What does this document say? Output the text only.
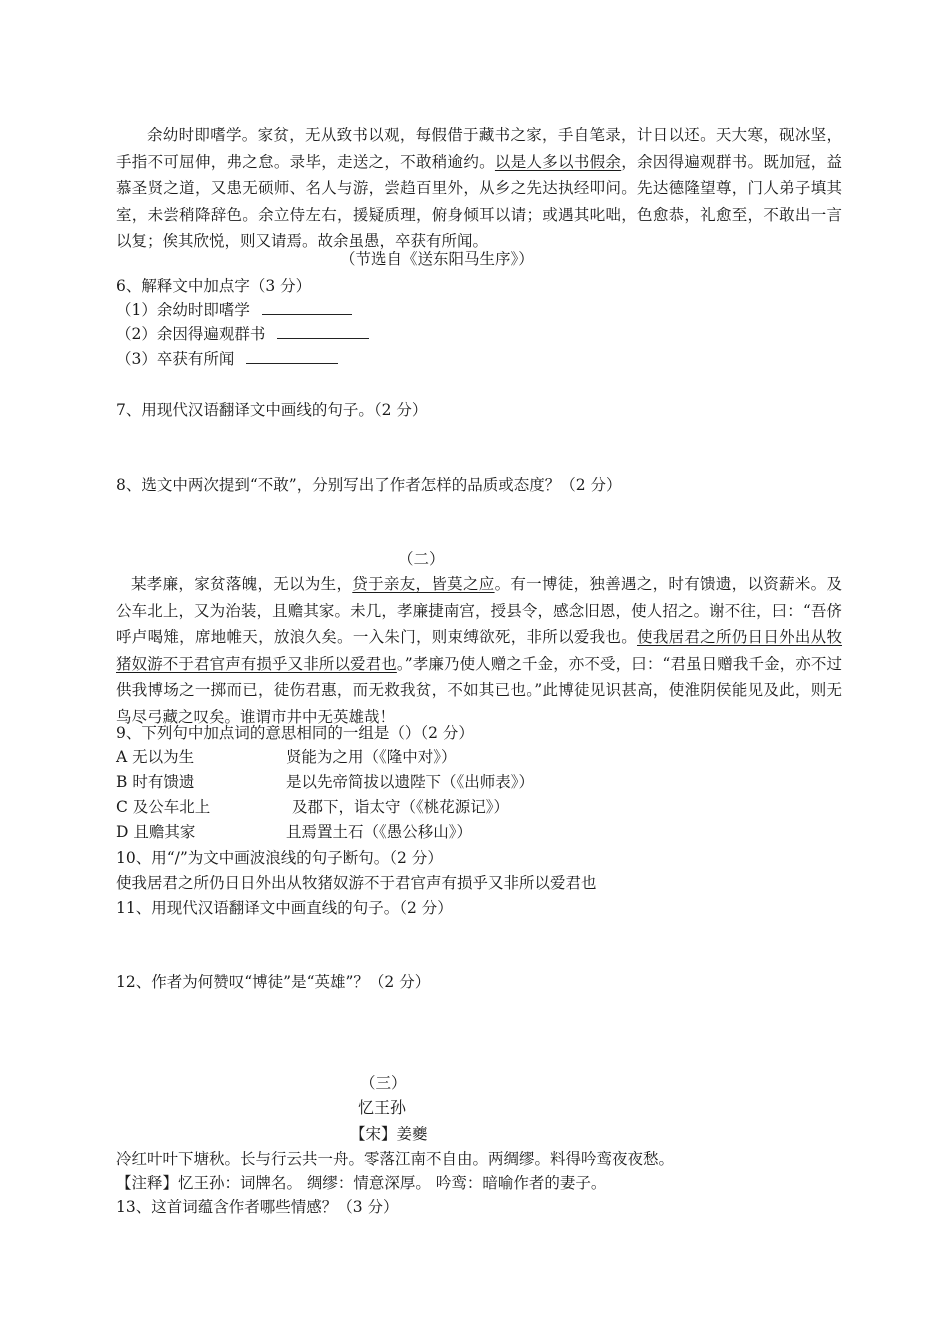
余幼时即嗜学。家贫，无从致书以观，每假借于藏书之家，手自笔录，计日以还。天大寒，砚冰坚，手指不可屈伸，弗之怠。录毕，走送之，不敢稍逾约。以是人多以书假余，余因得遍观群书。既加冠，益慕圣贤之道，又患无硕师、名人与游，尝趋百里外，从乡之先达执经叩问。先达德隆望尊，门人弟子填其室，未尝稍降辞色。余立侍左右，援疑质理，俯身倾耳以请；或遇其叱咄，色愈恭，礼愈至，不敢出一言以复；俟其欣悦，则又请焉。故余虽愚，卒获有所闻。
（节选自《送东阳马生序》）
6、解释文中加点字（3 分）
（1）余幼时即嗜学
（2）余因得遍观群书
（3）卒获有所闻
7、用现代汉语翻译文中画线的句子。（2 分）
8、选文中两次提到“不敢”，分别写出了作者怎样的品质或态度？（2 分）
（二）
某孝廉，家贫落魄，无以为生，贷于亲友，皆莫之应。有一博徒，独善遇之，时有馈遗，以资薪米。及公车北上，又为治装，且赡其家。未几，孝廉捷南宫，授县令，感念旧恩，使人招之。谢不往，曰：“吾侪呼卢喝雉，席地帷天，放浪久矣。一入朱门，则束缚欲死，非所以爱我也。使我居君之所仍日日外出从牧猪奴游不于君官声有损乎又非所以爱君也。”孝廉乃使人赠之千金，亦不受，曰：“君虽日赠我千金，亦不过供我博场之一掷而已，徒伤君惠，而无救我贫，不如其已也。”此博徒见识甚高，使淮阴侯能见及此，则无鸟尽弓藏之叹矣。谁谓市井中无英雄哉！
9、下列句中加点词的意思相同的一组是（）（2 分）
A 无以为生	贤能为之用（《隆中对》）
B 时有馈遗	是以先帝简拔以遗陛下（《出师表》）
C 及公车北上	及郡下，诣太守（《桃花源记》）
D 且赡其家	且焉置土石（《愚公移山》）
10、用“/”为文中画波浪线的句子断句。（2 分）
使我居君之所仍日日外出从牧猪奴游不于君官声有损乎又非所以爱君也
11、用现代汉语翻译文中画直线的句子。（2 分）
12、作者为何赞叹“博徒”是“英雄”？（2 分）
（三）
忆王孙
【宋】姜夔
冷红叶叶下塘秋。长与行云共一舟。零落江南不自由。两绸缪。料得吟鸾夜夜愁。
【注释】忆王孙：词牌名。 绸缪：情意深厚。 吟鸾：暗喻作者的妻子。
13、这首词蕴含作者哪些情感？（3 分）
